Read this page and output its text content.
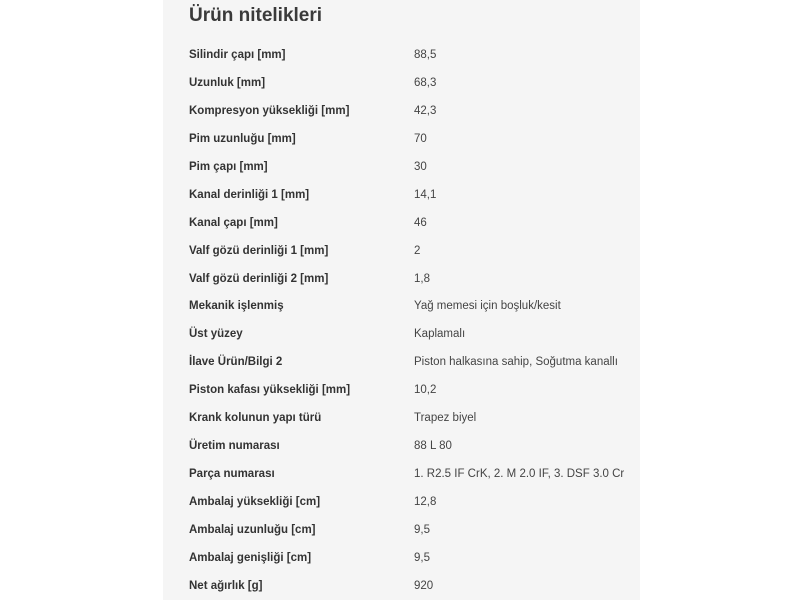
Ürün nitelikleri
Silindir çapı [mm]	88,5
Uzunluk [mm]	68,3
Kompresyon yüksekliği [mm]	42,3
Pim uzunluğu [mm]	70
Pim çapı [mm]	30
Kanal derinliği 1 [mm]	14,1
Kanal çapı [mm]	46
Valf gözü derinliği 1 [mm]	2
Valf gözü derinliği 2 [mm]	1,8
Mekanik işlenmiş	Yağ memesi için boşluk/kesit
Üst yüzey	Kaplamalı
İlave Ürün/Bilgi 2	Piston halkasına sahip, Soğutma kanallı
Piston kafası yüksekliği [mm]	10,2
Krank kolunun yapı türü	Trapez biyel
Üretim numarası	88 L 80
Parça numarası	1. R2.5 IF CrK, 2. M 2.0 IF, 3. DSF 3.0 Cr
Ambalaj yüksekliği [cm]	12,8
Ambalaj uzunluğu [cm]	9,5
Ambalaj genişliği [cm]	9,5
Net ağırlık [g]	920
